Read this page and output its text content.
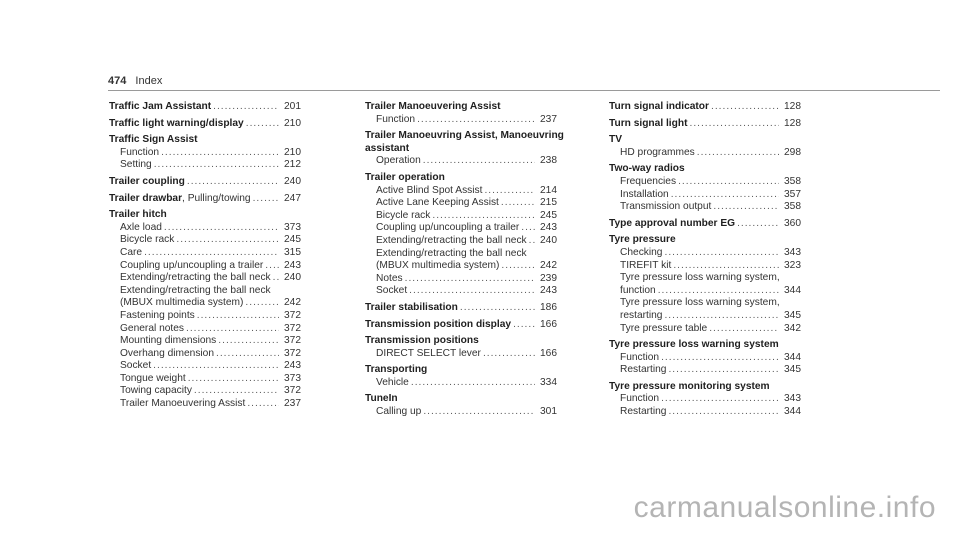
474 Index
Traffic Jam Assistant .....	201
Traffic light warning/display .....	210
Traffic Sign Assist
Function .....	210
Setting .....	212
Trailer coupling .....	240
Trailer drawbar , Pulling/towing .....	247
Trailer hitch
Axle load .....	373
Bicycle rack .....	245
Care .....	315
Coupling up/uncoupling a trailer ..... 243
Extending/retracting the ball neck ..... 240
Extending/retracting the ball neck
(MBUX multimedia system) .....	242
Fastening points .....	372
General notes .....	372
Mounting dimensions .....	372
Overhang dimension .....	372
Socket .....	243
Tongue weight .....	373
Towing capacity .....	372
Trailer Manoeuvering Assist .....	237
Trailer Manoeuvering Assist
Function .....	237
Trailer Manoeuvring Assist, Manoeuvring
assistant
Operation .....	238
Trailer operation
Active Blind Spot Assist .....	214
Active Lane Keeping Assist .....	215
Bicycle rack .....	245
Coupling up/uncoupling a trailer ..... 243
Extending/retracting the ball neck ..... 240
Extending/retracting the ball neck
(MBUX multimedia system) .....	242
Notes .....	239
Socket .....	243
Trailer stabilisation .....	186
Transmission position display .....	166
Transmission positions
DIRECT SELECT lever .....	166
Transporting
Vehicle .....	334
TuneIn
Calling up .....	301
Turn signal indicator .....	128
Turn signal light .....	128
TV
HD programmes .....	298
Two-way radios
Frequencies .....	358
Installation .....	357
Transmission output .....	358
Type approval number EG .....	360
Tyre pressure
Checking .....	343
TIREFIT kit .....	323
Tyre pressure loss warning system,
function .....	344
Tyre pressure loss warning system,
restarting .....	345
Tyre pressure table .....	342
Tyre pressure loss warning system
Function .....	344
Restarting .....	345
Tyre pressure monitoring system
Function .....	343
Restarting .....	344
carmanualsonline.info
